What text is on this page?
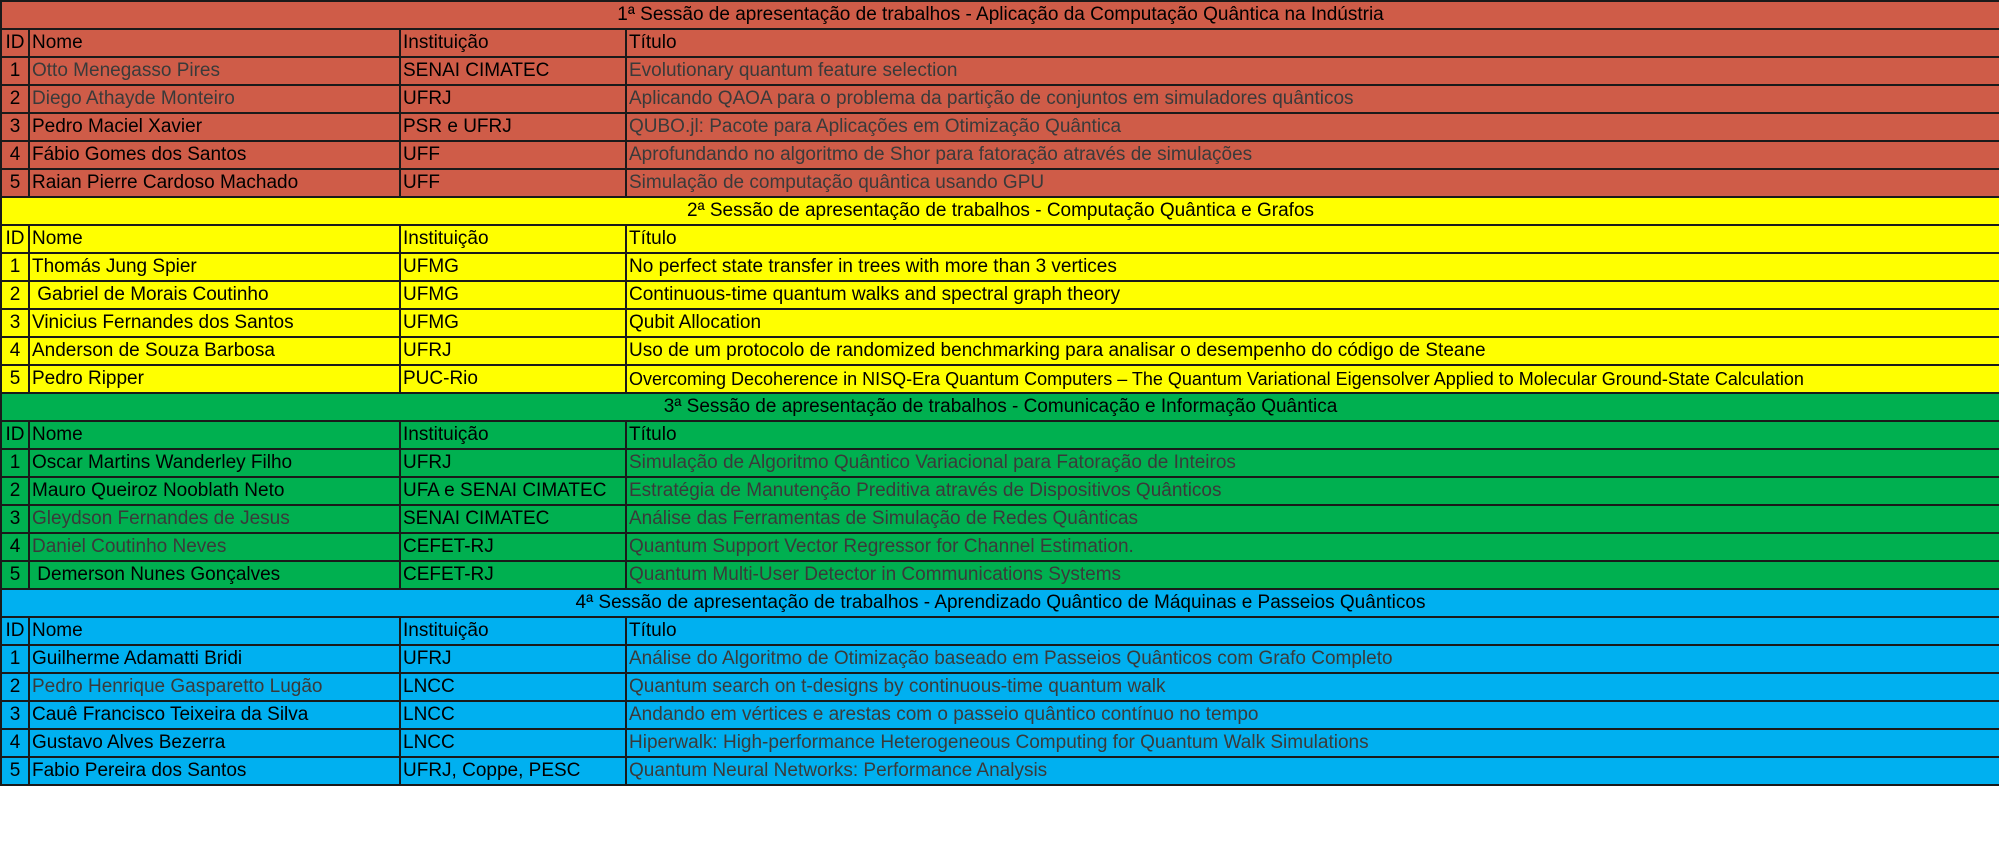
1ª Sessão de apresentação de trabalhos - Aplicação da Computação Quântica na Indústria			
ID	Nome	Instituição	Título
1	Otto Menegasso Pires	SENAI CIMATEC	Evolutionary quantum feature selection
2	Diego Athayde Monteiro	UFRJ	Aplicando QAOA para o problema da partição de conjuntos em simuladores quânticos
3	Pedro Maciel Xavier	PSR e UFRJ	QUBO.jl: Pacote para Aplicações em Otimização Quântica
4	Fábio Gomes dos Santos	UFF	Aprofundando no algoritmo de Shor para fatoração através de simulações
5	Raian Pierre Cardoso Machado	UFF	Simulação de computação quântica usando GPU
2ª Sessão de apresentação de trabalhos - Computação Quântica e Grafos			
ID	Nome	Instituição	Título
1	Thomás Jung Spier	UFMG	No perfect state transfer in trees with more than 3 vertices
2	Gabriel de Morais Coutinho	UFMG	Continuous-time quantum walks and spectral graph theory
3	Vinicius Fernandes dos Santos	UFMG	Qubit Allocation
4	Anderson de Souza Barbosa	UFRJ	Uso de um protocolo de randomized benchmarking para analisar o desempenho do código de Steane
5	Pedro Ripper	PUC-Rio	Overcoming Decoherence in NISQ-Era Quantum Computers – The Quantum Variational Eigensolver Applied to Molecular Ground-State Calculation
3ª Sessão de apresentação de trabalhos - Comunicação e Informação Quântica			
ID	Nome	Instituição	Título
1	Oscar Martins Wanderley Filho	UFRJ	Simulação de Algoritmo Quântico Variacional para Fatoração de Inteiros
2	Mauro Queiroz Nooblath Neto	UFA e SENAI CIMATEC	Estratégia de Manutenção Preditiva através de Dispositivos Quânticos
3	Gleydson Fernandes de Jesus	SENAI CIMATEC	Análise das Ferramentas de Simulação de Redes Quânticas
4	Daniel Coutinho Neves	CEFET-RJ	Quantum Support Vector Regressor for Channel Estimation.
5	Demerson Nunes Gonçalves	CEFET-RJ	Quantum Multi-User Detector in Communications Systems
4ª Sessão de apresentação de trabalhos - Aprendizado Quântico de Máquinas e Passeios Quânticos			
ID	Nome	Instituição	Título
1	Guilherme Adamatti Bridi	UFRJ	Análise do Algoritmo de Otimização baseado em Passeios Quânticos com Grafo Completo
2	Pedro Henrique Gasparetto Lugão	LNCC	Quantum search on t-designs by continuous-time quantum walk
3	Cauê Francisco Teixeira da Silva	LNCC	Andando em vértices e arestas com o passeio quântico contínuo no tempo
4	Gustavo Alves Bezerra	LNCC	Hiperwalk: High-performance Heterogeneous Computing for Quantum Walk Simulations
5	Fabio Pereira dos Santos	UFRJ, Coppe, PESC	Quantum Neural Networks: Performance Analysis
